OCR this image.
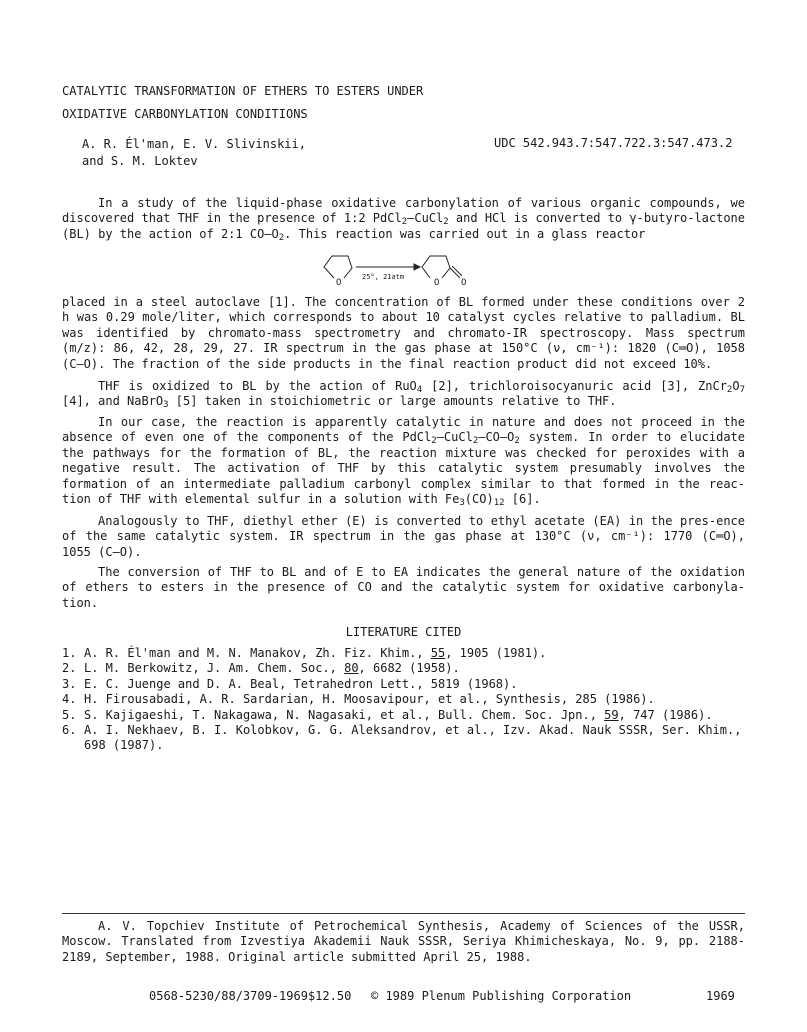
CATALYTIC TRANSFORMATION OF ETHERS TO ESTERS UNDER
OXIDATIVE CARBONYLATION CONDITIONS
A. R. Él'man, E. V. Slivinskii,
and S. M. Loktev
UDC 542.943.7:547.722.3:547.473.2

In a study of the liquid-phase oxidative carbonylation of various organic compounds, we discovered that THF in the presence of 1:2 PdCl$_2$–CuCl$_2$ and HCl is converted to γ-butyro-lactone (BL) by the action of 2:1 $CO-O_2$. This reaction was carried out in a glass reactor

O
25°, 21atm
O O

placed in a steel autoclave [1]. The concentration of BL formed under these conditions over 2 h was 0.29 mole/liter, which corresponds to about 10 catalyst cycles relative to palladium. BL was identified by chromato-mass spectrometry and chromato-IR spectroscopy. Mass spectrum (m/z): 86, 42, 28, 29, 27. IR spectrum in the gas phase at 150°C (ν, cm⁻¹): 1820 (C═O), 1058 (C–O). The fraction of the side products in the final reaction product did not exceed 10%.

THF is oxidized to BL by the action of RuO$_4$ [2], trichloroisocyanuric acid [3], $ZnCr_2O_7$ [4], and NaBrO$_3$ [5] taken in stoichiometric or large amounts relative to THF.

In our case, the reaction is apparently catalytic in nature and does not proceed in the absence of even one of the components of the $PdCl_2-CuCl_2-CO-O_2$ system. In order to elucidate the pathways for the formation of BL, the reaction mixture was checked for peroxides with a negative result. The activation of THF by this catalytic system presumably involves the formation of an intermediate palladium carbonyl complex similar to that formed in the reac-tion of THF with elemental sulfur in a solution with $Fe_3(CO)_{12}$ [6].

Analogously to THF, diethyl ether (E) is converted to ethyl acetate (EA) in the pres-ence of the same catalytic system. IR spectrum in the gas phase at 130°C (ν, cm⁻¹): 1770 (C═O), 1055 (C–O).

The conversion of THF to BL and of E to EA indicates the general nature of the oxidation of ethers to esters in the presence of CO and the catalytic system for oxidative carbonyla-tion.

LITERATURE CITED
1. A. R. Él'man and M. N. Manakov, Zh. Fiz. Khim., 55, 1905 (1981).
2. L. M. Berkowitz, J. Am. Chem. Soc., 80, 6682 (1958).
3. E. C. Juenge and D. A. Beal, Tetrahedron Lett., 5819 (1968).
4. H. Firousabadi, A. R. Sardarian, H. Moosavipour, et al., Synthesis, 285 (1986).
5. S. Kajigaeshi, T. Nakagawa, N. Nagasaki, et al., Bull. Chem. Soc. Jpn., 59, 747 (1986).
6. A. I. Nekhaev, B. I. Kolobkov, G. G. Aleksandrov, et al., Izv. Akad. Nauk SSSR, Ser. Khim., 698 (1987).

A. V. Topchiev Institute of Petrochemical Synthesis, Academy of Sciences of the USSR, Moscow. Translated from Izvestiya Akademii Nauk SSSR, Seriya Khimicheskaya, No. 9, pp. 2188-2189, September, 1988. Original article submitted April 25, 1988.

0568-5230/88/3709-1969$12.50 © 1989 Plenum Publishing Corporation	1969
